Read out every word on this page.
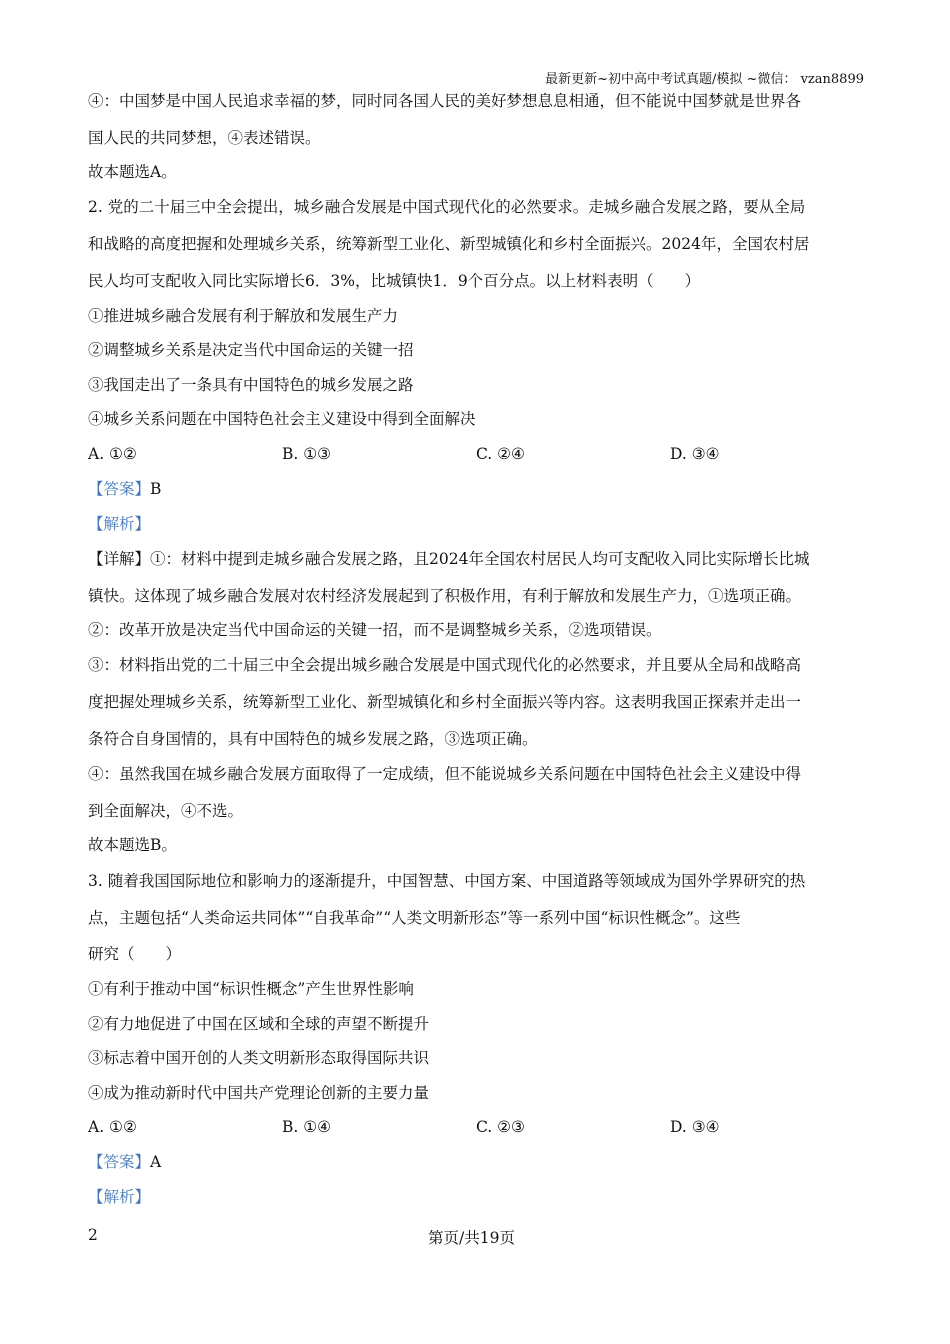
最新更新~初中高中考试真题/模拟 ~微信： vzan8899
④：中国梦是中国人民追求幸福的梦，同时同各国人民的美好梦想息息相通，但不能说中国梦就是世界各
国人民的共同梦想，④表述错误。
故本题选A。
2. 党的二十届三中全会提出，城乡融合发展是中国式现代化的必然要求。走城乡融合发展之路，要从全局
和战略的高度把握和处理城乡关系，统筹新型工业化、新型城镇化和乡村全面振兴。2024年，全国农村居
民人均可支配收入同比实际增长6．3%，比城镇快1．9个百分点。以上材料表明（　　）
①推进城乡融合发展有利于解放和发展生产力
②调整城乡关系是决定当代中国命运的关键一招
③我国走出了一条具有中国特色的城乡发展之路
④城乡关系问题在中国特色社会主义建设中得到全面解决
A. ①②	B. ①③	C. ②④	D. ③④
【答案】B
【解析】
【详解】①：材料中提到走城乡融合发展之路，且2024年全国农村居民人均可支配收入同比实际增长比城
镇快。这体现了城乡融合发展对农村经济发展起到了积极作用，有利于解放和发展生产力，①选项正确。
②：改革开放是决定当代中国命运的关键一招，而不是调整城乡关系，②选项错误。
③：材料指出党的二十届三中全会提出城乡融合发展是中国式现代化的必然要求，并且要从全局和战略高
度把握处理城乡关系，统筹新型工业化、新型城镇化和乡村全面振兴等内容。这表明我国正探索并走出一
条符合自身国情的，具有中国特色的城乡发展之路，③选项正确。
④：虽然我国在城乡融合发展方面取得了一定成绩，但不能说城乡关系问题在中国特色社会主义建设中得
到全面解决，④不选。
故本题选B。
3. 随着我国国际地位和影响力的逐渐提升，中国智慧、中国方案、中国道路等领域成为国外学界研究的热
点，主题包括“人类命运共同体”“自我革命”“人类文明新形态”等一系列中国“标识性概念”。这些
研究（　　）
①有利于推动中国“标识性概念”产生世界性影响
②有力地促进了中国在区域和全球的声望不断提升
③标志着中国开创的人类文明新形态取得国际共识
④成为推动新时代中国共产党理论创新的主要力量
A. ①②	B. ①④	C. ②③	D. ③④
【答案】A
【解析】
2	第页/共19页
